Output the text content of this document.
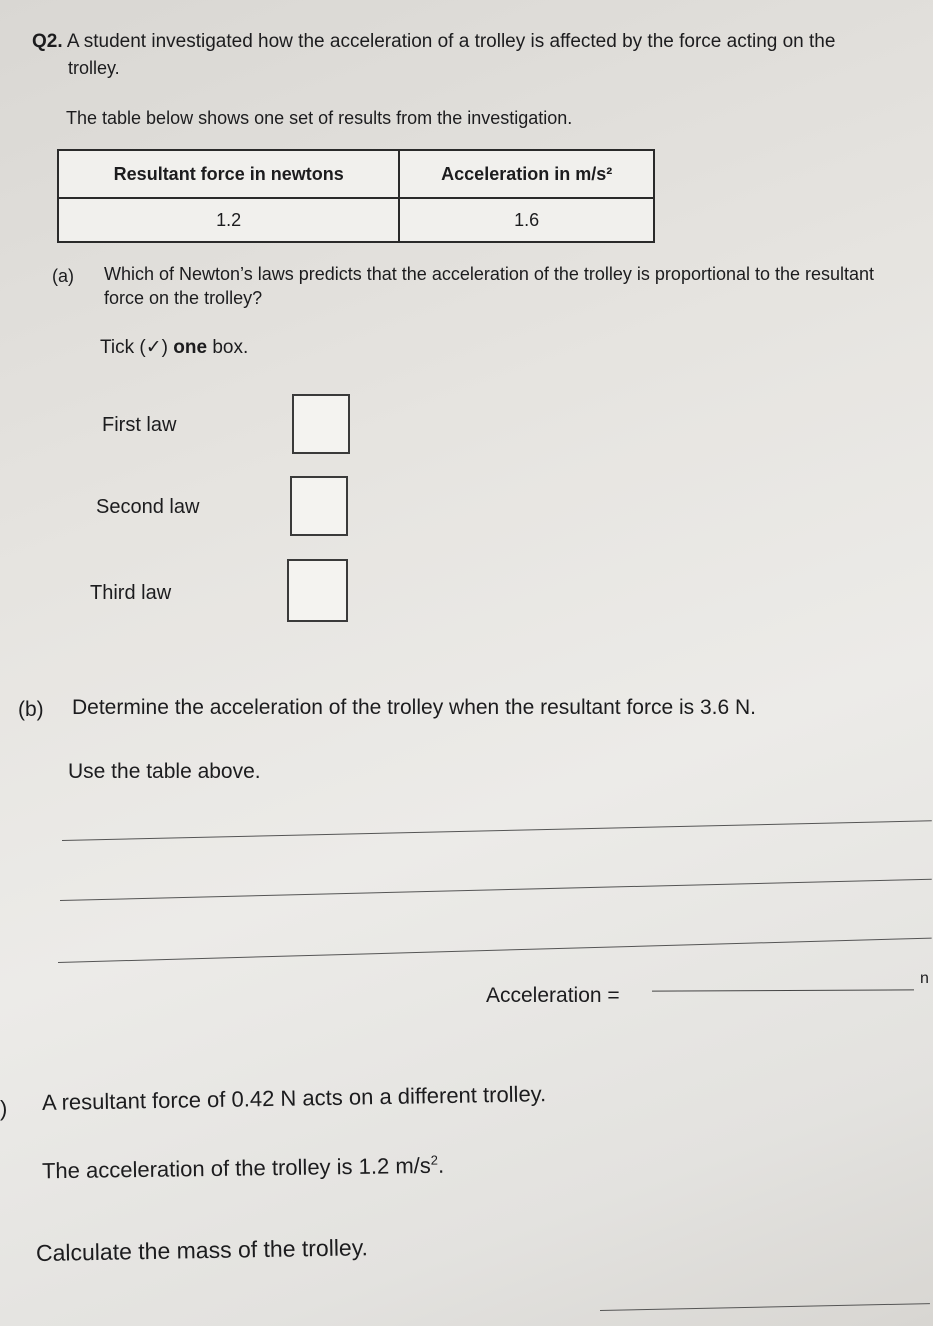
Q2. A student investigated how the acceleration of a trolley is affected by the force acting on the
trolley.
The table below shows one set of results from the investigation.
Resultant force in newtons	Acceleration in m/s²
1.2	1.6
(a) Which of Newton’s laws predicts that the acceleration of the trolley is proportional to the resultant force on the trolley?
Tick (✓) one box.
First law
Second law
Third law
(b) Determine the acceleration of the trolley when the resultant force is 3.6 N.
Use the table above.
Acceleration =
n
) A resultant force of 0.42 N acts on a different trolley.
The acceleration of the trolley is 1.2 $m/s^2$.
Calculate the mass of the trolley.
